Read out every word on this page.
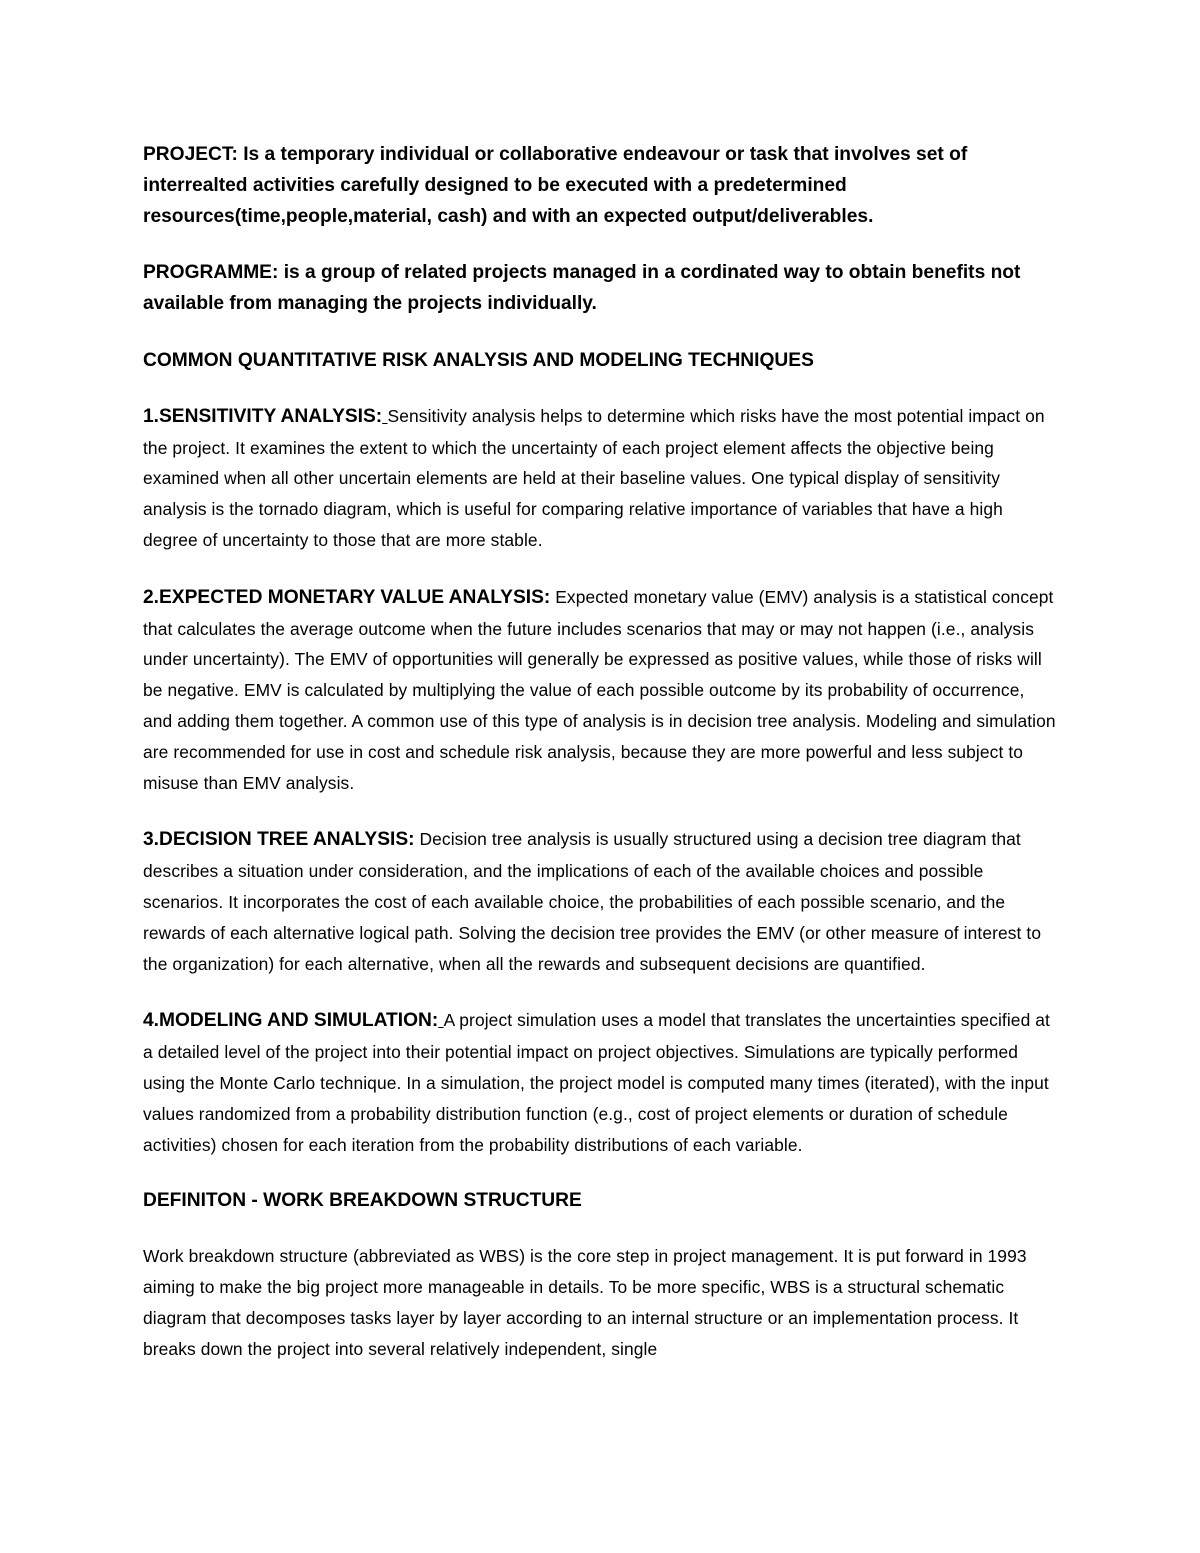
PROJECT: Is a temporary individual or collaborative endeavour or task that involves set of interrealted activities carefully designed to be executed with a predetermined resources(time,people,material, cash) and with an expected output/deliverables.

PROGRAMME: is a group of related projects managed in a cordinated way to obtain benefits not available from managing the projects individually.

COMMON QUANTITATIVE RISK ANALYSIS AND MODELING TECHNIQUES

1.SENSITIVITY ANALYSIS: Sensitivity analysis helps to determine which risks have the most potential impact on the project. It examines the extent to which the uncertainty of each project element affects the objective being examined when all other uncertain elements are held at their baseline values. One typical display of sensitivity analysis is the tornado diagram, which is useful for comparing relative importance of variables that have a high degree of uncertainty to those that are more stable.

2.EXPECTED MONETARY VALUE ANALYSIS: Expected monetary value (EMV) analysis is a statistical concept that calculates the average outcome when the future includes scenarios that may or may not happen (i.e., analysis under uncertainty). The EMV of opportunities will generally be expressed as positive values, while those of risks will be negative. EMV is calculated by multiplying the value of each possible outcome by its probability of occurrence, and adding them together. A common use of this type of analysis is in decision tree analysis. Modeling and simulation are recommended for use in cost and schedule risk analysis, because they are more powerful and less subject to misuse than EMV analysis.

3.DECISION TREE ANALYSIS: Decision tree analysis is usually structured using a decision tree diagram that describes a situation under consideration, and the implications of each of the available choices and possible scenarios. It incorporates the cost of each available choice, the probabilities of each possible scenario, and the rewards of each alternative logical path. Solving the decision tree provides the EMV (or other measure of interest to the organization) for each alternative, when all the rewards and subsequent decisions are quantified.

4.MODELING AND SIMULATION: A project simulation uses a model that translates the uncertainties specified at a detailed level of the project into their potential impact on project objectives. Simulations are typically performed using the Monte Carlo technique. In a simulation, the project model is computed many times (iterated), with the input values randomized from a probability distribution function (e.g., cost of project elements or duration of schedule activities) chosen for each iteration from the probability distributions of each variable.

DEFINITON - WORK BREAKDOWN STRUCTURE

Work breakdown structure (abbreviated as WBS) is the core step in project management. It is put forward in 1993 aiming to make the big project more manageable in details. To be more specific, WBS is a structural schematic diagram that decomposes tasks layer by layer according to an internal structure or an implementation process. It breaks down the project into several relatively independent, single
